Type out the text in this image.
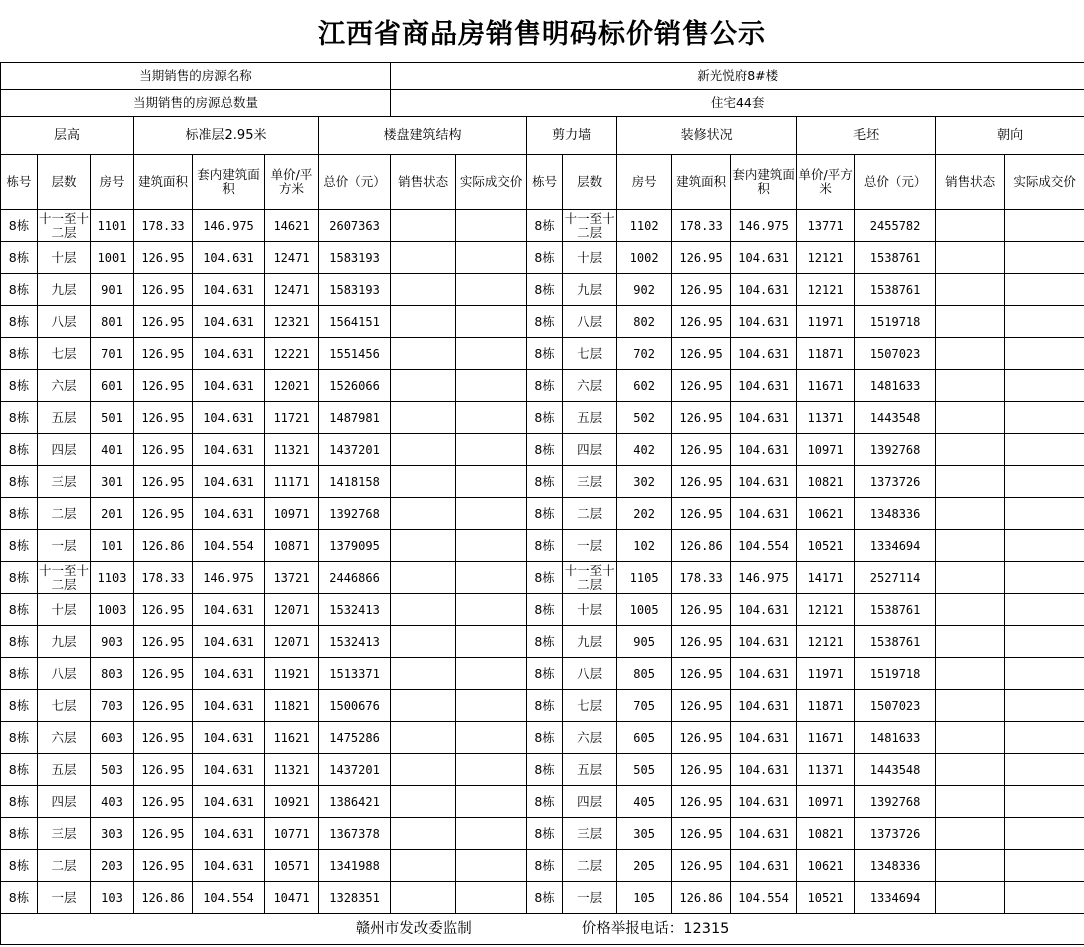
江西省商品房销售明码标价销售公示
当期销售的房源名称							新光悦府8#楼											
当期销售的房源总数量							住宅44套											
层高			标准层2.95米			楼盘建筑结构			剪力墙		装修状况			毛坯		朝向	
栋号	层数	房号	建筑面积	套内建筑面积	单价/平方米	总价（元）	销售状态	实际成交价	栋号	层数	房号	建筑面积	套内建筑面积	单价/平方米	总价（元）	销售状态	实际成交价	
8栋	十一至十二层	1101	178.33	146.975	14621	2607363			8栋	十一至十二层	1102	178.33	146.975	13771	2455782			
8栋	十层	1001	126.95	104.631	12471	1583193			8栋	十层	1002	126.95	104.631	12121	1538761			
8栋	九层	901	126.95	104.631	12471	1583193			8栋	九层	902	126.95	104.631	12121	1538761			
8栋	八层	801	126.95	104.631	12321	1564151			8栋	八层	802	126.95	104.631	11971	1519718			
8栋	七层	701	126.95	104.631	12221	1551456			8栋	七层	702	126.95	104.631	11871	1507023			
8栋	六层	601	126.95	104.631	12021	1526066			8栋	六层	602	126.95	104.631	11671	1481633			
8栋	五层	501	126.95	104.631	11721	1487981			8栋	五层	502	126.95	104.631	11371	1443548			
8栋	四层	401	126.95	104.631	11321	1437201			8栋	四层	402	126.95	104.631	10971	1392768			
8栋	三层	301	126.95	104.631	11171	1418158			8栋	三层	302	126.95	104.631	10821	1373726			
8栋	二层	201	126.95	104.631	10971	1392768			8栋	二层	202	126.95	104.631	10621	1348336			
8栋	一层	101	126.86	104.554	10871	1379095			8栋	一层	102	126.86	104.554	10521	1334694			
8栋	十一至十二层	1103	178.33	146.975	13721	2446866			8栋	十一至十二层	1105	178.33	146.975	14171	2527114			
8栋	十层	1003	126.95	104.631	12071	1532413			8栋	十层	1005	126.95	104.631	12121	1538761			
8栋	九层	903	126.95	104.631	12071	1532413			8栋	九层	905	126.95	104.631	12121	1538761			
8栋	八层	803	126.95	104.631	11921	1513371			8栋	八层	805	126.95	104.631	11971	1519718			
8栋	七层	703	126.95	104.631	11821	1500676			8栋	七层	705	126.95	104.631	11871	1507023			
8栋	六层	603	126.95	104.631	11621	1475286			8栋	六层	605	126.95	104.631	11671	1481633			
8栋	五层	503	126.95	104.631	11321	1437201			8栋	五层	505	126.95	104.631	11371	1443548			
8栋	四层	403	126.95	104.631	10921	1386421			8栋	四层	405	126.95	104.631	10971	1392768			
8栋	三层	303	126.95	104.631	10771	1367378			8栋	三层	305	126.95	104.631	10821	1373726			
8栋	二层	203	126.95	104.631	10571	1341988			8栋	二层	205	126.95	104.631	10621	1348336			
8栋	一层	103	126.86	104.554	10471	1328351			8栋	一层	105	126.86	104.554	10521	1334694			

赣州市发改委监制 价格举报电话：12315																		
